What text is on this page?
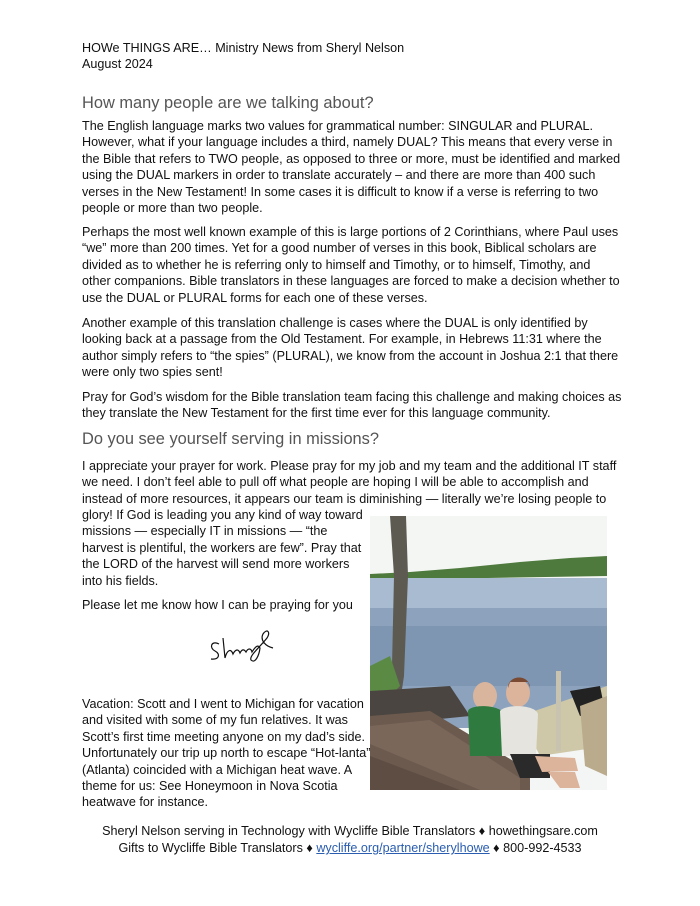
HOWe THINGS ARE… Ministry News from Sheryl Nelson
August 2024
How many people are we talking about?

The English language marks two values for grammatical number: SINGULAR and PLURAL. However, what if your language includes a third, namely DUAL? This means that every verse in the Bible that refers to TWO people, as opposed to three or more, must be identified and marked using the DUAL markers in order to translate accurately – and there are more than 400 such verses in the New Testament! In some cases it is difficult to know if a verse is referring to two people or more than two people.

Perhaps the most well known example of this is large portions of 2 Corinthians, where Paul uses “we” more than 200 times. Yet for a good number of verses in this book, Biblical scholars are divided as to whether he is referring only to himself and Timothy, or to himself, Timothy, and other companions. Bible translators in these languages are forced to make a decision whether to use the DUAL or PLURAL forms for each one of these verses.

Another example of this translation challenge is cases where the DUAL is only identified by looking back at a passage from the Old Testament. For example, in Hebrews 11:31 where the author simply refers to “the spies” (PLURAL), we know from the account in Joshua 2:1 that there were only two spies sent!

Pray for God’s wisdom for the Bible translation team facing this challenge and making choices as they translate the New Testament for the first time ever for this language community.

Do you see yourself serving in missions?

I appreciate your prayer for work. Please pray for my job and my team and the additional IT staff we need. I don’t feel able to pull off what people are hoping I will be able to accomplish and instead of more resources, it appears our team is diminishing — literally we’re losing people to

glory! If God is leading you any kind of way toward missions — especially IT in missions — “the harvest is plentiful, the workers are few”. Pray that the LORD of the harvest will send more workers into his fields.

Please let me know how I can be praying for you

Vacation: Scott and I went to Michigan for vacation and visited with some of my fun relatives. It was Scott’s first time meeting anyone on my dad’s side. Unfortunately our trip up north to escape “Hot-lanta” (Atlanta) coincided with a Michigan heat wave. A theme for us: See Honeymoon in Nova Scotia heatwave for instance.

Sheryl Nelson serving in Technology with Wycliffe Bible Translators ♦ howethingsare.com
Gifts to Wycliffe Bible Translators ♦ wycliffe.org/partner/sherylhowe ♦ 800-992-4533
